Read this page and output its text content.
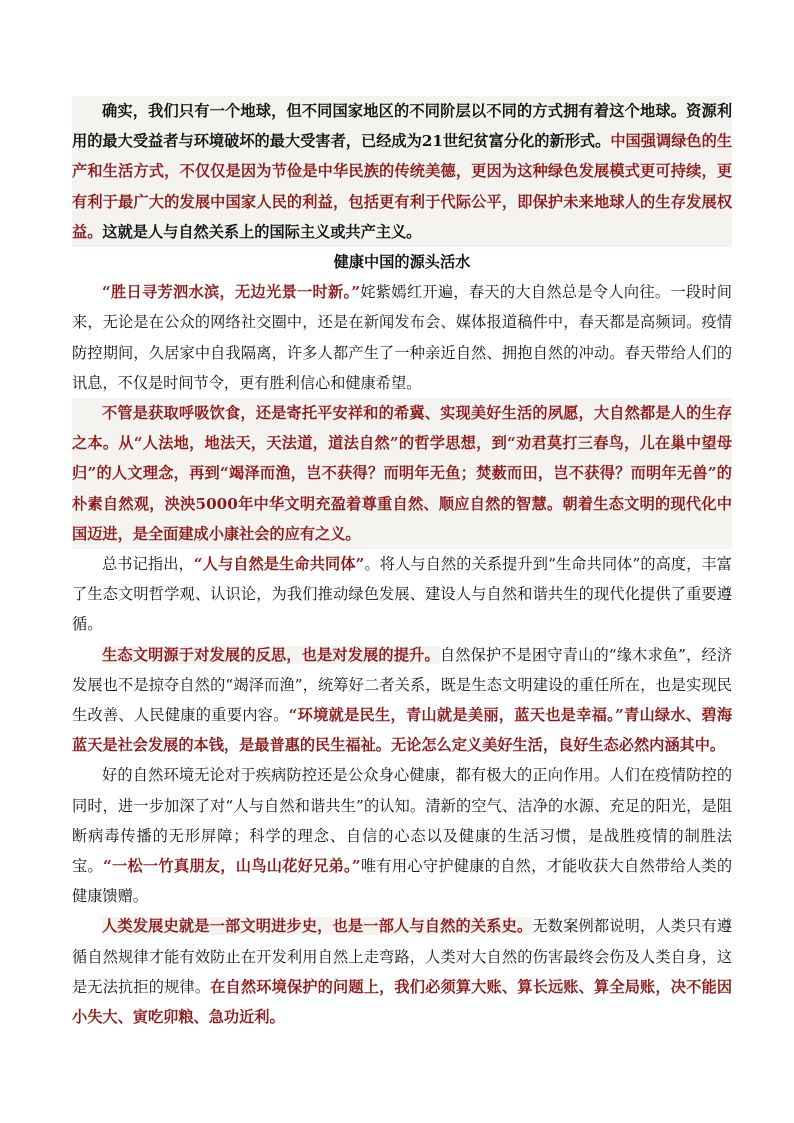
确实，我们只有一个地球，但不同国家地区的不同阶层以不同的方式拥有着这个地球。资源利用的最大受益者与环境破坏的最大受害者，已经成为21世纪贫富分化的新形式。中国强调绿色的生产和生活方式，不仅仅是因为节俭是中华民族的传统美德，更因为这种绿色发展模式更可持续，更有利于最广大的发展中国家人民的利益，包括更有利于代际公平，即保护未来地球人的生存发展权益。这就是人与自然关系上的国际主义或共产主义。

健康中国的源头活水

“胜日寻芳泗水滨，无边光景一时新。”姹紫嫣红开遍，春天的大自然总是令人向往。一段时间来，无论是在公众的网络社交圈中，还是在新闻发布会、媒体报道稿件中，春天都是高频词。疫情防控期间，久居家中自我隔离，许多人都产生了一种亲近自然、拥抱自然的冲动。春天带给人们的讯息，不仅是时间节令，更有胜利信心和健康希望。

不管是获取呼吸饮食，还是寄托平安祥和的希冀、实现美好生活的夙愿，大自然都是人的生存之本。从“人法地，地法天，天法道，道法自然”的哲学思想，到“劝君莫打三春鸟，儿在巢中望母归”的人文理念，再到“竭泽而渔，岂不获得？而明年无鱼；焚薮而田，岂不获得？而明年无兽”的朴素自然观，泱泱5000年中华文明充盈着尊重自然、顺应自然的智慧。朝着生态文明的现代化中国迈进，是全面建成小康社会的应有之义。

总书记指出，“人与自然是生命共同体”。将人与自然的关系提升到“生命共同体”的高度，丰富了生态文明哲学观、认识论，为我们推动绿色发展、建设人与自然和谐共生的现代化提供了重要遵循。

生态文明源于对发展的反思，也是对发展的提升。自然保护不是困守青山的“缘木求鱼”，经济发展也不是掠夺自然的“竭泽而渔”，统筹好二者关系，既是生态文明建设的重任所在，也是实现民生改善、人民健康的重要内容。“环境就是民生，青山就是美丽，蓝天也是幸福。”青山绿水、碧海蓝天是社会发展的本钱，是最普惠的民生福祉。无论怎么定义美好生活，良好生态必然内涵其中。

好的自然环境无论对于疾病防控还是公众身心健康，都有极大的正向作用。人们在疫情防控的同时，进一步加深了对“人与自然和谐共生”的认知。清新的空气、洁净的水源、充足的阳光，是阻断病毒传播的无形屏障；科学的理念、自信的心态以及健康的生活习惯，是战胜疫情的制胜法宝。“一松一竹真朋友，山鸟山花好兄弟。”唯有用心守护健康的自然，才能收获大自然带给人类的健康馈赠。

人类发展史就是一部文明进步史，也是一部人与自然的关系史。无数案例都说明，人类只有遵循自然规律才能有效防止在开发利用自然上走弯路，人类对大自然的伤害最终会伤及人类自身，这是无法抗拒的规律。在自然环境保护的问题上，我们必须算大账、算长远账、算全局账，决不能因小失大、寅吃卯粮、急功近利。
